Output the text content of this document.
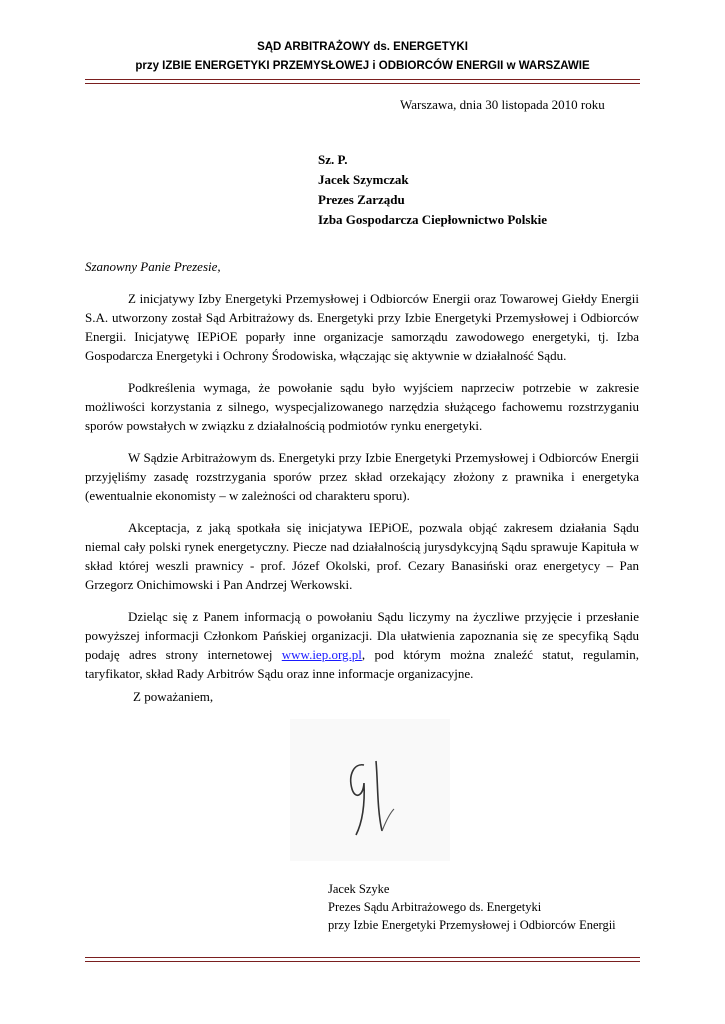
SĄD ARBITRAŻOWY ds. ENERGETYKI
przy IZBIE ENERGETYKI PRZEMYSŁOWEJ i ODBIORCÓW ENERGII w WARSZAWIE
Warszawa, dnia 30 listopada 2010 roku
Sz. P.
Jacek Szymczak
Prezes Zarządu
Izba Gospodarcza Ciepłownictwo Polskie
Szanowny Panie Prezesie,

Z inicjatywy Izby Energetyki Przemysłowej i Odbiorców Energii oraz Towarowej Giełdy Energii S.A. utworzony został Sąd Arbitrażowy ds. Energetyki przy Izbie Energetyki Przemysłowej i Odbiorców Energii. Inicjatywę IEPiOE poparły inne organizacje samorządu zawodowego energetyki, tj. Izba Gospodarcza Energetyki i Ochrony Środowiska, włączając się aktywnie w działalność Sądu.

Podkreślenia wymaga, że powołanie sądu było wyjściem naprzeciw potrzebie w zakresie możliwości korzystania z silnego, wyspecjalizowanego narzędzia służącego fachowemu rozstrzyganiu sporów powstałych w związku z działalnością podmiotów rynku energetyki.

W Sądzie Arbitrażowym ds. Energetyki przy Izbie Energetyki Przemysłowej i Odbiorców Energii przyjęliśmy zasadę rozstrzygania sporów przez skład orzekający złożony z prawnika i energetyka (ewentualnie ekonomisty – w zależności od charakteru sporu).

Akceptacja, z jaką spotkała się inicjatywa IEPiOE, pozwala objąć zakresem działania Sądu niemal cały polski rynek energetyczny. Piecze nad działalnością jurysdykcyjną Sądu sprawuje Kapituła w skład której weszli prawnicy - prof. Józef Okolski, prof. Cezary Banasiński oraz energetycy – Pan Grzegorz Onichimowski i Pan Andrzej Werkowski.

Dzieląc się z Panem informacją o powołaniu Sądu liczymy na życzliwe przyjęcie i przesłanie powyższej informacji Członkom Pańskiej organizacji. Dla ułatwienia zapoznania się ze specyfiką Sądu podaję adres strony internetowej www.iep.org.pl, pod którym można znaleźć statut, regulamin, taryfikator, skład Rady Arbitrów Sądu oraz inne informacje organizacyjne.

Z poważaniem,
Jacek Szyke
Prezes Sądu Arbitrażowego ds. Energetyki
przy Izbie Energetyki Przemysłowej i Odbiorców Energii
